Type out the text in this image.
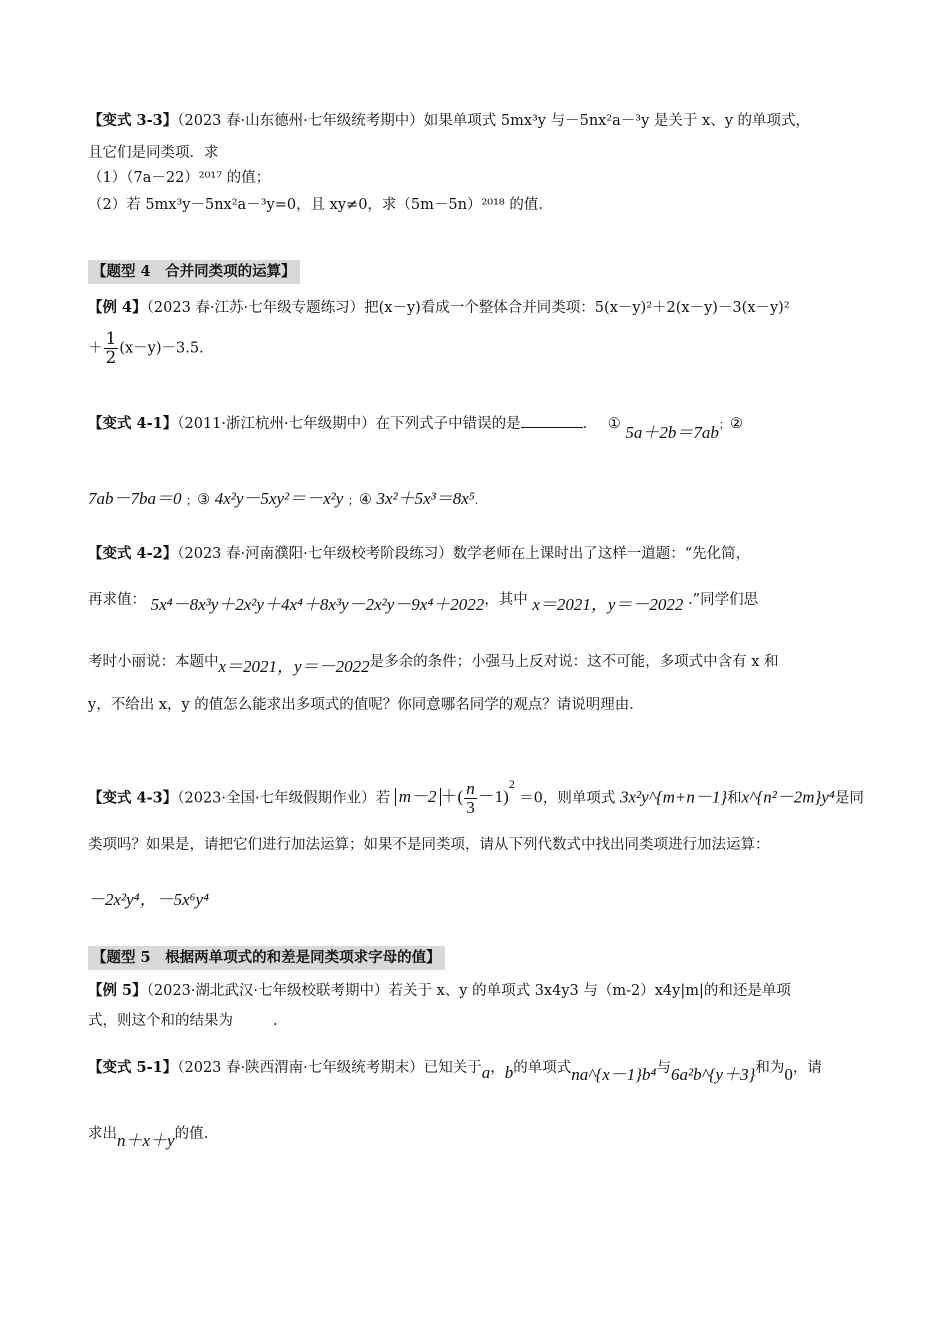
【变式 3-3】（2023 春·山东德州·七年级统考期中）如果单项式 5mx³y 与－5nx²a－³y 是关于 x、y 的单项式，
且它们是同类项．求
（1）（7a－22）²⁰¹⁷ 的值；
（2）若 5mx³y－5nx²a－³y=0，且 xy≠0，求（5m－5n）²⁰¹⁸ 的值．
【题型 4　合并同类项的运算】
【例 4】（2023 春·江苏·七年级专题练习）把(x－y)看成一个整体合并同类项：5(x－y)²＋2(x－y)－3(x－y)²
＋ $\frac{1}{2} (x-y)-3.5$.
【变式 4-1】（2011·浙江杭州·七年级期中）在下列式子中错误的是	． ① 5a＋2b＝7ab；②
7ab－7ba＝0 ；③ 4x²y－5xy²＝－x²y ；④ 3x²＋5x³＝8x⁵.
【变式 4-2】（2023 春·河南濮阳·七年级校考阶段练习）数学老师在上课时出了这样一道题：“先化简，
再求值： 5x⁴－8x³y＋2x²y＋4x⁴＋8x³y－2x²y－9x⁴＋2022，其中 x＝2021，y＝－2022 .”同学们思
考时小丽说：本题中x＝2021，y＝－2022是多余的条件；小强马上反对说：这不可能，多项式中含有 x 和
y，不给出 x，y 的值怎么能求出多项式的值呢？你同意哪名同学的观点？请说明理由．
【变式 4-3】（2023·全国·七年级假期作业）若 m－2 ＋( $\frac{n}{3} -1)^2 =0$，则单项式 3x²y^{m+n－1}和x^{n²－2m}y⁴是同
类项吗？如果是，请把它们进行加法运算；如果不是同类项，请从下列代数式中找出同类项进行加法运算：
－2x²y⁴，－5x⁶y⁴
【题型 5　根据两单项式的和差是同类项求字母的值】
【例 5】（2023·湖北武汉·七年级校联考期中）若关于 x、y 的单项式 3x4y3 与（m-2）x4y|m|的和还是单项
式，则这个和的结果为	.
【变式 5-1】（2023 春·陕西渭南·七年级统考期末）已知关于a，b的单项式na^{x－1}b⁴与6a²b^{y＋3}和为0，请
求出n＋x＋y的值.
